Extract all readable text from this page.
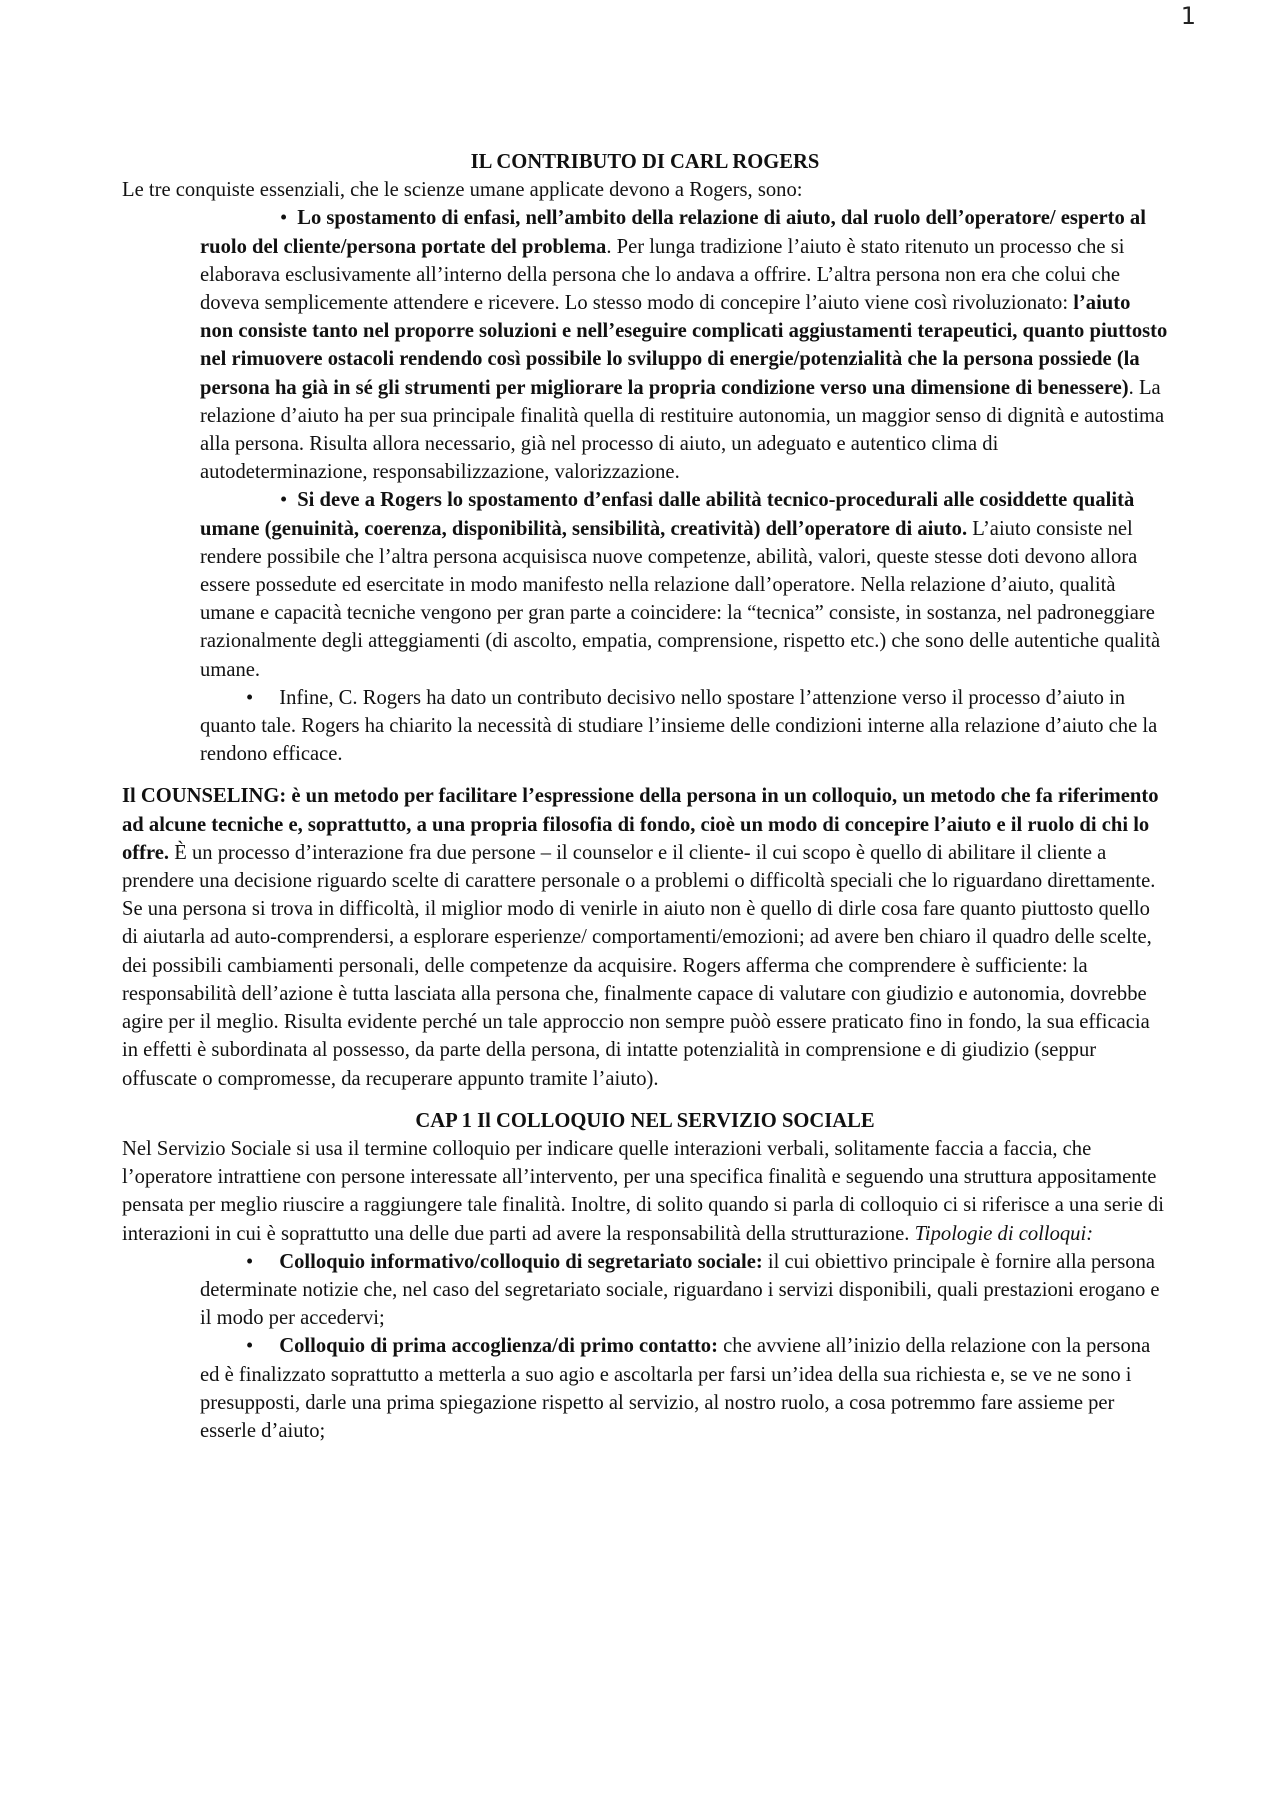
1
IL CONTRIBUTO DI CARL ROGERS

Le tre conquiste essenziali, che le scienze umane applicate devono a Rogers, sono:

• Lo spostamento di enfasi, nell’ambito della relazione di aiuto, dal ruolo dell’operatore/ esperto al ruolo del cliente/persona portate del problema. Per lunga tradizione l’aiuto è stato ritenuto un processo che si elaborava esclusivamente all’interno della persona che lo andava a offrire. L’altra persona non era che colui che doveva semplicemente attendere e ricevere. Lo stesso modo di concepire l’aiuto viene così rivoluzionato: l’aiuto non consiste tanto nel proporre soluzioni e nell’eseguire complicati aggiustamenti terapeutici, quanto piuttosto nel rimuovere ostacoli rendendo così possibile lo sviluppo di energie/potenzialità che la persona possiede (la persona ha già in sé gli strumenti per migliorare la propria condizione verso una dimensione di benessere). La relazione d’aiuto ha per sua principale finalità quella di restituire autonomia, un maggior senso di dignità e autostima alla persona. Risulta allora necessario, già nel processo di aiuto, un adeguato e autentico clima di autodeterminazione, responsabilizzazione, valorizzazione.
• Si deve a Rogers lo spostamento d’enfasi dalle abilità tecnico-procedurali alle cosiddette qualità umane (genuinità, coerenza, disponibilità, sensibilità, creatività) dell’operatore di aiuto. L’aiuto consiste nel rendere possibile che l’altra persona acquisisca nuove competenze, abilità, valori, queste stesse doti devono allora essere possedute ed esercitate in modo manifesto nella relazione dall’operatore. Nella relazione d’aiuto, qualità umane e capacità tecniche vengono per gran parte a coincidere: la “tecnica” consiste, in sostanza, nel padroneggiare razionalmente degli atteggiamenti (di ascolto, empatia, comprensione, rispetto etc.) che sono delle autentiche qualità umane.
• Infine, C. Rogers ha dato un contributo decisivo nello spostare l’attenzione verso il processo d’aiuto in quanto tale. Rogers ha chiarito la necessità di studiare l’insieme delle condizioni interne alla relazione d’aiuto che la rendono efficace.

Il COUNSELING: è un metodo per facilitare l’espressione della persona in un colloquio, un metodo che fa riferimento ad alcune tecniche e, soprattutto, a una propria filosofia di fondo, cioè un modo di concepire l’aiuto e il ruolo di chi lo offre. È un processo d’interazione fra due persone – il counselor e il cliente- il cui scopo è quello di abilitare il cliente a prendere una decisione riguardo scelte di carattere personale o a problemi o difficoltà speciali che lo riguardano direttamente. Se una persona si trova in difficoltà, il miglior modo di venirle in aiuto non è quello di dirle cosa fare quanto piuttosto quello di aiutarla ad auto-comprendersi, a esplorare esperienze/ comportamenti/emozioni; ad avere ben chiaro il quadro delle scelte, dei possibili cambiamenti personali, delle competenze da acquisire. Rogers afferma che comprendere è sufficiente: la responsabilità dell’azione è tutta lasciata alla persona che, finalmente capace di valutare con giudizio e autonomia, dovrebbe agire per il meglio. Risulta evidente perché un tale approccio non sempre puòò essere praticato fino in fondo, la sua efficacia in effetti è subordinata al possesso, da parte della persona, di intatte potenzialità in comprensione e di giudizio (seppur offuscate o compromesse, da recuperare appunto tramite l’aiuto).

CAP 1 Il COLLOQUIO NEL SERVIZIO SOCIALE

Nel Servizio Sociale si usa il termine colloquio per indicare quelle interazioni verbali, solitamente faccia a faccia, che l’operatore intrattiene con persone interessate all’intervento, per una specifica finalità e seguendo una struttura appositamente pensata per meglio riuscire a raggiungere tale finalità. Inoltre, di solito quando si parla di colloquio ci si riferisce a una serie di interazioni in cui è soprattutto una delle due parti ad avere la responsabilità della strutturazione. Tipologie di colloqui:

• Colloquio informativo/colloquio di segretariato sociale: il cui obiettivo principale è fornire alla persona determinate notizie che, nel caso del segretariato sociale, riguardano i servizi disponibili, quali prestazioni erogano e il modo per accedervi;
• Colloquio di prima accoglienza/di primo contatto: che avviene all’inizio della relazione con la persona ed è finalizzato soprattutto a metterla a suo agio e ascoltarla per farsi un’idea della sua richiesta e, se ve ne sono i presupposti, darle una prima spiegazione rispetto al servizio, al nostro ruolo, a cosa potremmo fare assieme per esserle d’aiuto;
